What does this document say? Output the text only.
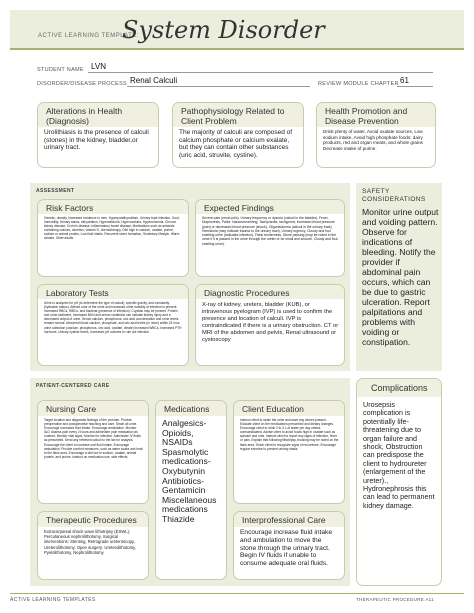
ACTIVE LEARNING TEMPLATE:
System Disorder
STUDENT NAME LVN
DISORDER/DISEASE PROCESS Renal Calculi	REVIEW MODULE CHAPTER 61
Alterations in Health (Diagnosis)
Urolithiasis is the presence of calculi (stones) in the kidney, bladder,or urinary tract.
Pathophysiology Related to Client Problem
The majority of calculi are composed of calcium phosphate or calcium exalate, but they can contain other substances (uric acid, struvite, cystine).
Health Promotion and Disease Prevention
Drink plenty of water, Avoid oxalate sources, Low sodium intake, Avoid high phosphate foods: dairy products, red and organ meats, and whole grains Decrease intake of purine.
ASSESSMENT
Risk Factors
Genetic, obesity, increased incidence in men, Hyperparathyroidism, Urinary tract infection, Gout, Immobility, Urinary stasis, dehydration, Hypercalciuria, Hyperoxaluria, Hyperuricemia, Chronic kidney disease, Crohn's disease, Inflammatory bowel disease, Medications such as antacids containing calcium, diuretics, vitamin D, chemotherapy, Diet high in calcium, oxalate, purine, sodium or animal protein, Low fluid intake, Recurrent stone formation, Sedentary lifestyle, Warm climate, Older adults.
Expected Findings
Severe pain (renal colic), Urinary frequency or dysuria (calculi in the bladder), Fever, Diaphoresis, Pallor, Nausea/vomiting, Tachycardia, tachypnea, increased blood pressure (pain) or decreased blood pressure (shock), Oliguria/anuria (calculi in the urinary tract), Hematuria (may indicate trauma to the urinary tract), Urinary urgency, Cloudy and foul smelling urine (indicates infection), Flank tenderness, Stone passing (may be noted in the urine if it is passed in the urine through the ureter or be small and smooth, Cloudy and foul-smelling urine).
Laboratory Tests
Urine is analyzed for pH (to determine the type of calculi), specific gravity, and osmolarity (hydration status). Altered odor of the urine and increased urine turbidity of infection is present. Increased RBCs, WBCs, and bacteria (presence of infection). Crystals may be present. Protein and urine sediment, Increased BUN and serum creatinine can indicate kidney injury and a decreased output of urine. Serum calcium, phosphorus, uric acid concentration and urine levels remain normal. Abnormal blood calcium, phosphate, and uric acid levels (in urine) within 24 hour urine collection (calcium, phosphorus, uric acid, oxalate, citrate) Increased WBCs, Increased PTH hormone, Urinary cystine levels, Increased pH cultures to rule out infection.
Diagnostic Procedures
X-ray of kidney, ureters, bladder (KUB), or intravenous pyelogram (IVP) is used to confirm the presence and location of calculi. IVP is contraindicated if there is a urinary obstruction. CT or MRI of the abdomen and pelvis, Renal ultrasound or cystoscopy
SAFETY CONSIDERATIONS
Monitor urine output and voiding pattern. Observe for indications of bleeding. Notify the provider if abdominal pain occurs, which can be due to gastric ulceration. Report palpitations and problems with voiding or constipation.
PATIENT-CENTERED CARE
Nursing Care
Target location and diagnostic findings of the provider. Provide preoperative and postoperative teaching and care. Strain all urine. Encourage increased fluid intake. Encourage ambulation. Monitor I&O. Assess pain every 2 hours and administer pain medication as ordered. Monitor vital signs. Monitor for infection. Administer IV fluids as prescribed. Send any retrieved calculi to the lab for analysis. Encourage the client to increase oral fluid intake. Encourage ambulation. Provide comfort measures, such as warm soaks and heat to the flank area. Encourage a diet low in sodium, oxalate, animal protein, and purine. Instruct on medication use, side effects.
Medications
Analgesics-Opioids, NSAIDs Spasmolytic medications- Oxybutynin Antibiotics- Gentamicin Miscellaneous medications Thiazide
Client Education
Instruct client to strain the urine and save any stones passed. Educate client on the medications prescribed and dietary changes. Encourage client to drink 2 to 3 L of water per day unless contraindicated. Advise client to avoid foods high in oxalate such as spinach and nuts. Instruct client to report any signs of infection, fever or pain. Explain that following lithotripsy, bruising may be noted on the flank area. Teach client to recognize signs of recurrence. Encourage regular exercise to prevent urinary stasis.
Therapeutic Procedures
Extracorporeal shock wave lithotripsy (ESWL), Percutaneous nephrolithotomy, Surgical interventions: Stenting, Retrograde ureteroscopy, Ureterolithotomy, Open surgery: Ureterolithotomy, Pyelolithotomy, Nephrolithotomy
Interprofessional Care
Encourage increase fluid intake and ambulation to move the stone through the urinary tract. Begin IV fluids if unable to consume adequate oral fluids.
Complications
Urosepsis complication is potentially life-threatening due to organ failure and shock, Obstruction can predispose the client to hydroureter (enlargement of the ureter)., Hydronephrosis this can lead to permanent kidney damage.
ACTIVE LEARNING TEMPLATES	THERAPEUTIC PROCEDURE A11
